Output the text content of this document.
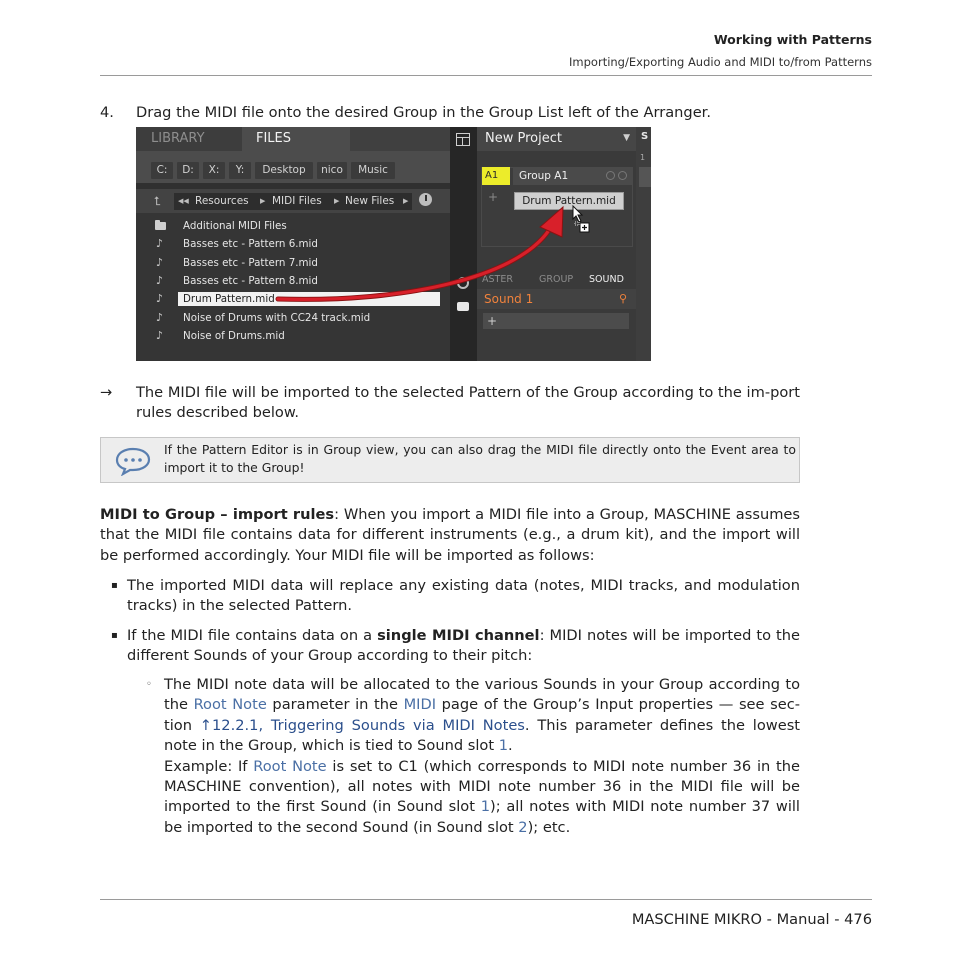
Working with Patterns
Importing/Exporting Audio and MIDI to/from Patterns
4. Drag the MIDI file onto the desired Group in the Group List left of the Arranger.
LIBRARY	FILES
C:	D:	X:	Y:	Desktop	nico	Music
⮤ ◀◀ Resources ▶ MIDI Files ▶ New Files ▶
Additional MIDI Files
♪ Basses etc - Pattern 6.mid
♪ Basses etc - Pattern 7.mid
♪ Basses etc - Pattern 8.mid
♪ Drum Pattern.mid
♪ Noise of Drums with CC24 track.mid
♪ Noise of Drums.mid
New Project	▼
A1	Group A1
+	Drum Pattern.mid
ASTER	GROUP SOUND
Sound 1	⚲
+
S
1
→ The MIDI file will be imported to the selected Pattern of the Group according to the im-port rules described below.
If the Pattern Editor is in Group view, you can also drag the MIDI file directly onto the Event area to import it to the Group!
MIDI to Group – import rules: When you import a MIDI file into a Group, MASCHINE assumes that the MIDI file contains data for different instruments (e.g., a drum kit), and the import will be performed accordingly. Your MIDI file will be imported as follows:
▪ The imported MIDI data will replace any existing data (notes, MIDI tracks, and modulation tracks) in the selected Pattern.
▪ If the MIDI file contains data on a single MIDI channel: MIDI notes will be imported to the different Sounds of your Group according to their pitch:
◦ The MIDI note data will be allocated to the various Sounds in your Group according to the Root Note parameter in the MIDI page of the Group’s Input properties — see sec-tion ↑12.2.1, Triggering Sounds via MIDI Notes. This parameter defines the lowest note in the Group, which is tied to Sound slot 1.
Example: If Root Note is set to C1 (which corresponds to MIDI note number 36 in the MASCHINE convention), all notes with MIDI note number 36 in the MIDI file will be imported to the first Sound (in Sound slot 1); all notes with MIDI note number 37 will be imported to the second Sound (in Sound slot 2); etc.
MASCHINE MIKRO - Manual - 476
